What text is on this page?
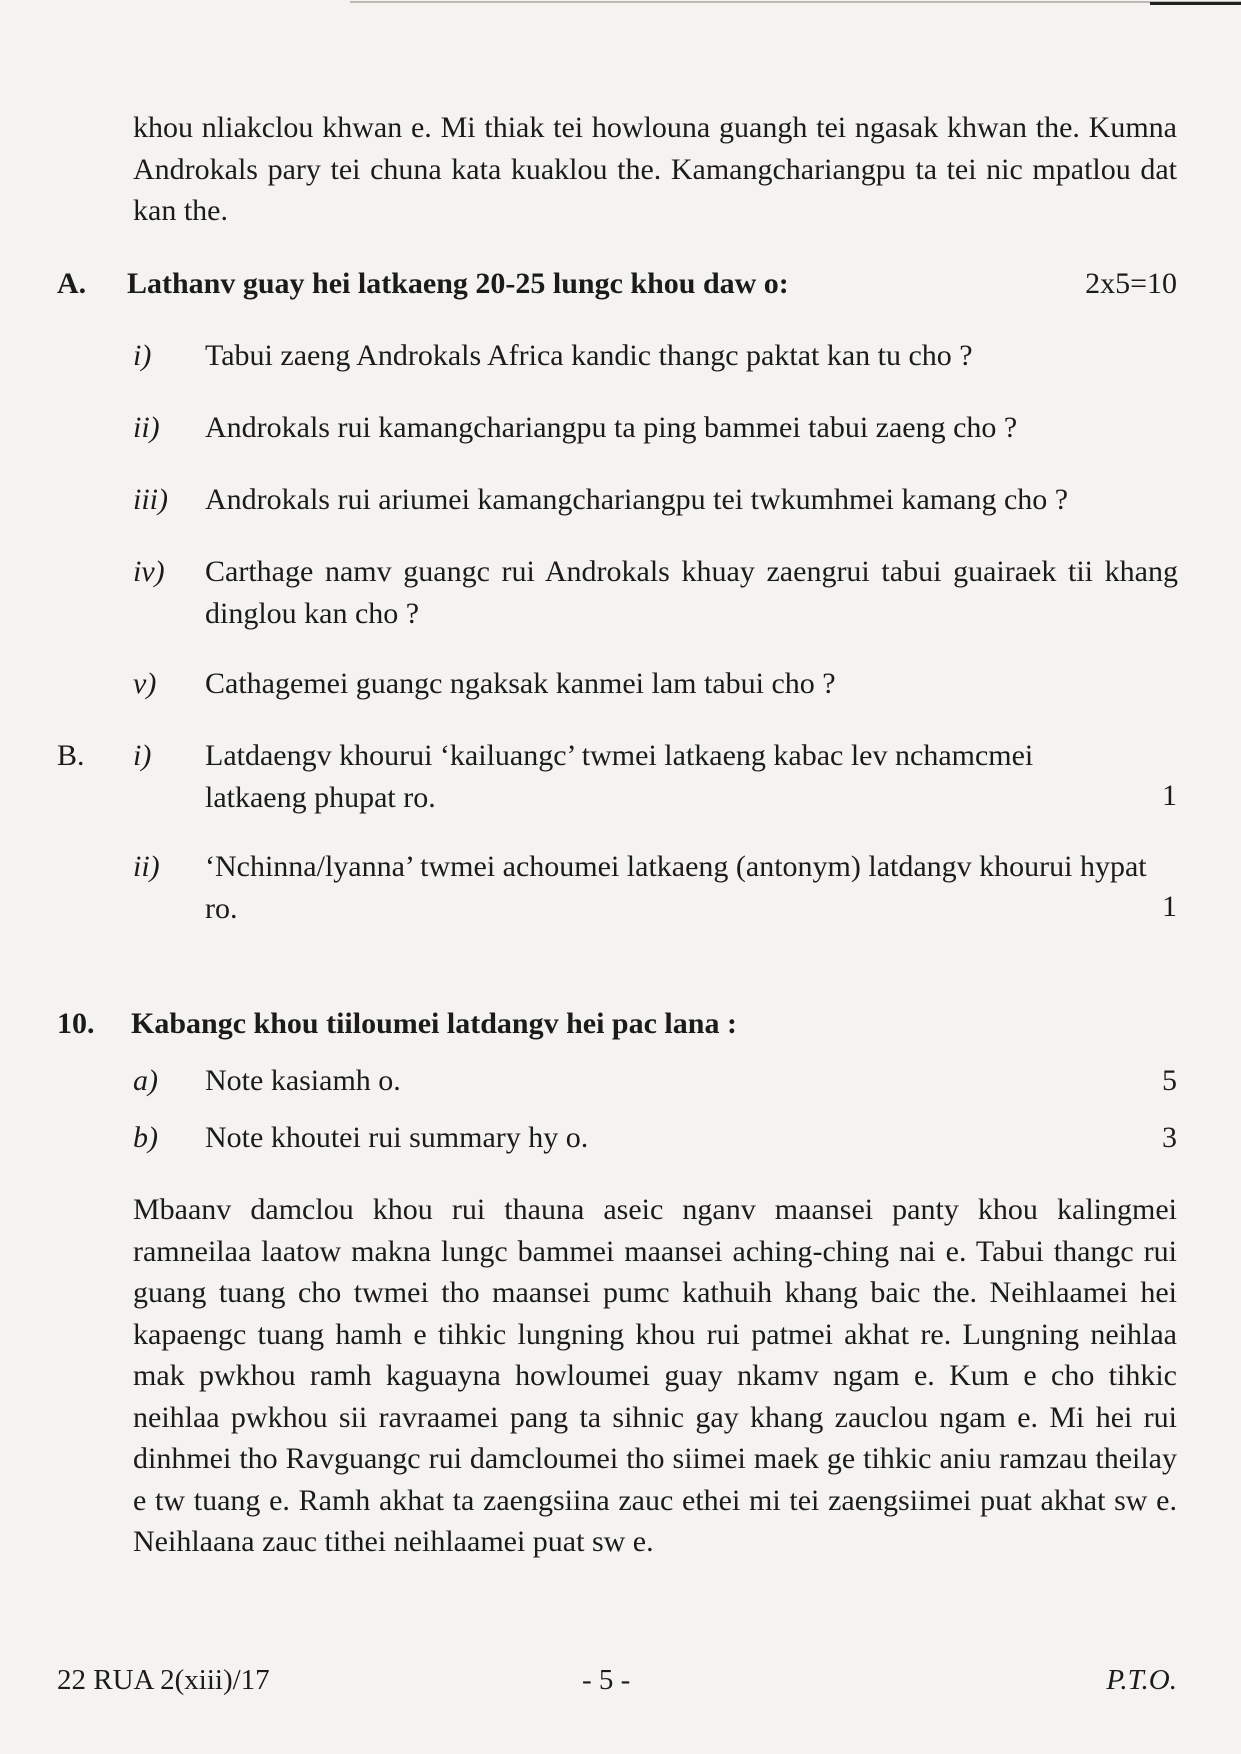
khou nliakclou khwan e. Mi thiak tei howlouna guangh tei ngasak khwan the. Kumna Androkals pary tei chuna kata kuaklou the. Kamangchariangpu ta tei nic mpatlou dat kan the.
A. Lathanv guay hei latkaeng 20-25 lungc khou daw o:	2x5=10
i) Tabui zaeng Androkals Africa kandic thangc paktat kan tu cho ?
ii) Androkals rui kamangchariangpu ta ping bammei tabui zaeng cho ?
iii) Androkals rui ariumei kamangchariangpu tei twkumhmei kamang cho ?
iv) Carthage namv guangc rui Androkals khuay zaengrui tabui guairaek tii khang dinglou kan cho ?
v) Cathagemei guangc ngaksak kanmei lam tabui cho ?
B. i) Latdaengv khourui ‘kailuangc’ twmei latkaeng kabac lev nchamcmei latkaeng phupat ro.	1
ii) ‘Nchinna/lyanna’ twmei achoumei latkaeng (antonym) latdangv khourui hypat ro.	1
10. Kabangc khou tiiloumei latdangv hei pac lana :
a) Note kasiamh o.	5
b) Note khoutei rui summary hy o.	3
Mbaanv damclou khou rui thauna aseic nganv maansei panty khou kalingmei ramneilaa laatow makna lungc bammei maansei aching-ching nai e. Tabui thangc rui guang tuang cho twmei tho maansei pumc kathuih khang baic the. Neihlaamei hei kapaengc tuang hamh e tihkic lungning khou rui patmei akhat re. Lungning neihlaa mak pwkhou ramh kaguayna howloumei guay nkamv ngam e. Kum e cho tihkic neihlaa pwkhou sii ravraamei pang ta sihnic gay khang zauclou ngam e. Mi hei rui dinhmei tho Ravguangc rui damcloumei tho siimei maek ge tihkic aniu ramzau theilay e tw tuang e. Ramh akhat ta zaengsiina zauc ethei mi tei zaengsiimei puat akhat sw e. Neihlaana zauc tithei neihlaamei puat sw e.
22 RUA 2(xiii)/17	- 5 -	P.T.O.
